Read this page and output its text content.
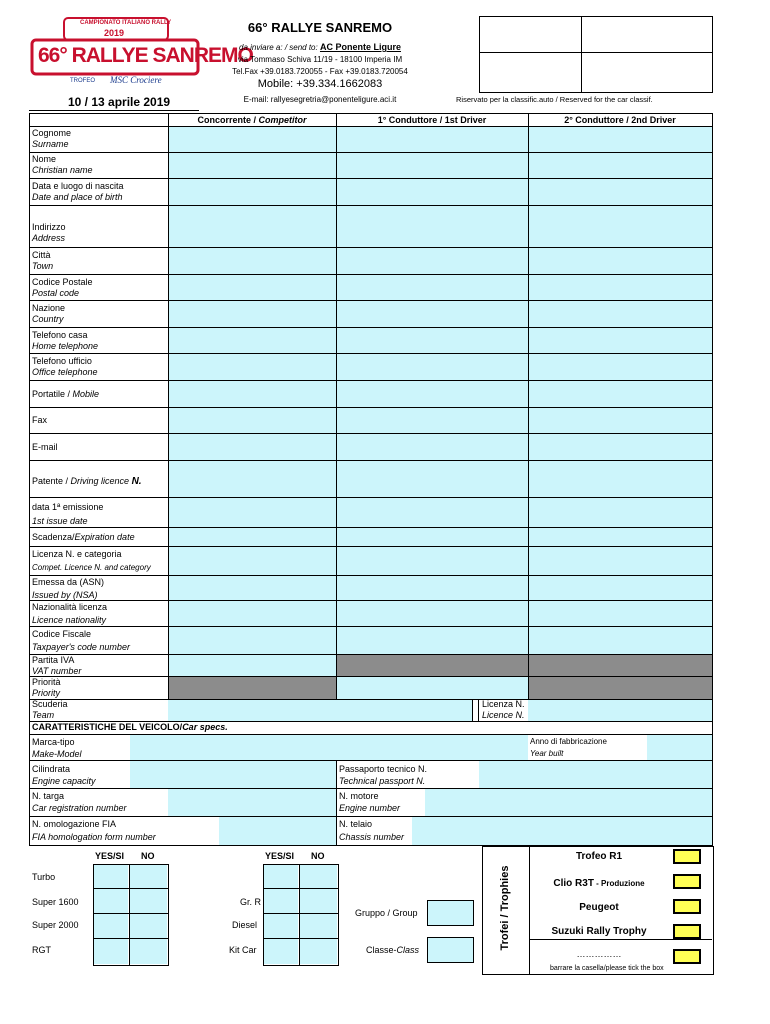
CAMPIONATO ITALIANO RALLY
2019
66° RALLYE SANREMO
TROFEO MSC Crociere
10 / 13 aprile 2019
66° RALLYE SANREMO
da inviare a: / send to: AC Ponente Ligure
via Tommaso Schiva 11/19 - 18100 Imperia IM
Tel.Fax +39.0183.720055 - Fax +39.0183.720054
Mobile: +39.334.1662083
E-mail: rallyesegretria@ponenteligure.aci.it	Riservato per la classific.auto / Reserved for the car classif.
Concorrente / Competitor	1° Conduttore / 1st Driver	2° Conduttore / 2nd Driver
Cognome
Surname
Nome
Christian name
Data e luogo di nascita
Date and place of birth
Indirizzo
Address
Città
Town
Codice Postale
Postal code
Nazione
Country
Telefono casa
Home telephone
Telefono ufficio
Office telephone
Portatile / Mobile
Fax
E-mail
Patente / Driving licence N.
data 1ª emissione
1st issue date
Scadenza/Expiration date
Licenza N. e categoria
Compet. Licence N. and category
Emessa da (ASN)
Issued by (NSA)
Nazionalità licenza
Licence nationality
Codice Fiscale
Taxpayer's code number
Partita IVA
VAT number
Priorità
Priority
Scuderia
Team
Licenza N.
Licence N.
CARATTERISTICHE DEL VEICOLO/Car specs.
Marca-tipo
Make-Model
Anno di fabbricazione
Year built
Cilindrata
Engine capacity
Passaporto tecnico N.
Technical passport N.
N. targa
Car registration number
N. motore
Engine number
N. omologazione FIA
FIA homologation form number
N. telaio
Chassis number
YES/SI NO	YES/SI NO
Turbo
Super 1600
Super 2000
RGT
Gr. R
Diesel
Kit Car
Gruppo / Group
Classe-Class	Trofei / Trophies
Trofeo R1
Clio R3T - Produzione
Peugeot
Suzuki Rally Trophy
……………
barrare la casella/please tick the box
